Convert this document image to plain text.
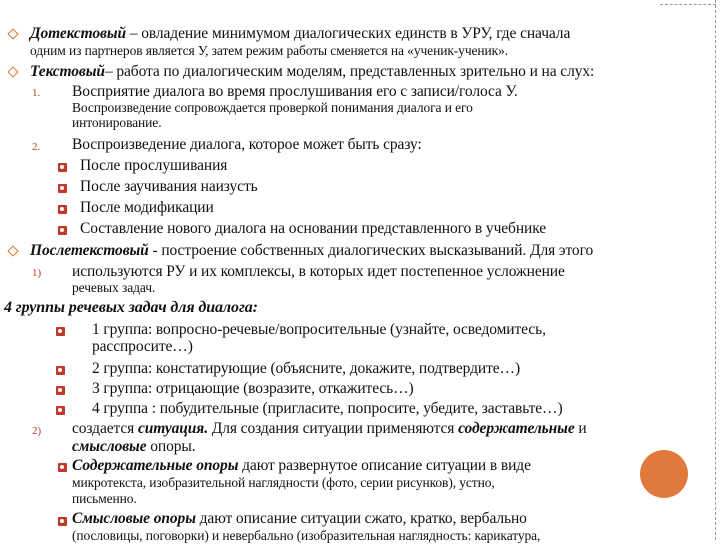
Дотекстовый – овладение минимумом диалогических единств в УРУ, где сначала
одним из партнеров является У, затем режим работы сменяется на «ученик-ученик».
Текстовый– работа по диалогическим моделям, представленных зрительно и на слух:
1. Восприятие диалога во время прослушивания его с записи/голоса У.
Воспроизведение сопровождается проверкой понимания диалога и его
интонирование.
2. Воспроизведение диалога, которое может быть сразу:
После прослушивания
После заучивания наизусть
После модификации
Составление нового диалога на основании представленного в учебнике
Послетекстовый - построение собственных диалогических высказываний. Для этого
1) используются РУ и их комплексы, в которых идет постепенное усложнение
речевых задач.
4 группы речевых задач для диалога:
1 группа: вопросно-речевые/вопросительные (узнайте, осведомитесь,
расспросите…)
2 группа: констатирующие (объясните, докажите, подтвердите…)
3 группа: отрицающие (возразите, откажитесь…)
4 группа : побудительные (пригласите, попросите, убедите, заставьте…)
2) создается ситуация. Для создания ситуации применяются содержательные и
смысловые опоры.
Содержательные опоры дают развернутое описание ситуации в виде
микротекста, изобразительной наглядности (фото, серии рисунков), устно,
письменно.
Смысловые опоры дают описание ситуации сжато, кратко, вербально
(пословицы, поговорки) и невербально (изобразительная наглядность: карикатура,
